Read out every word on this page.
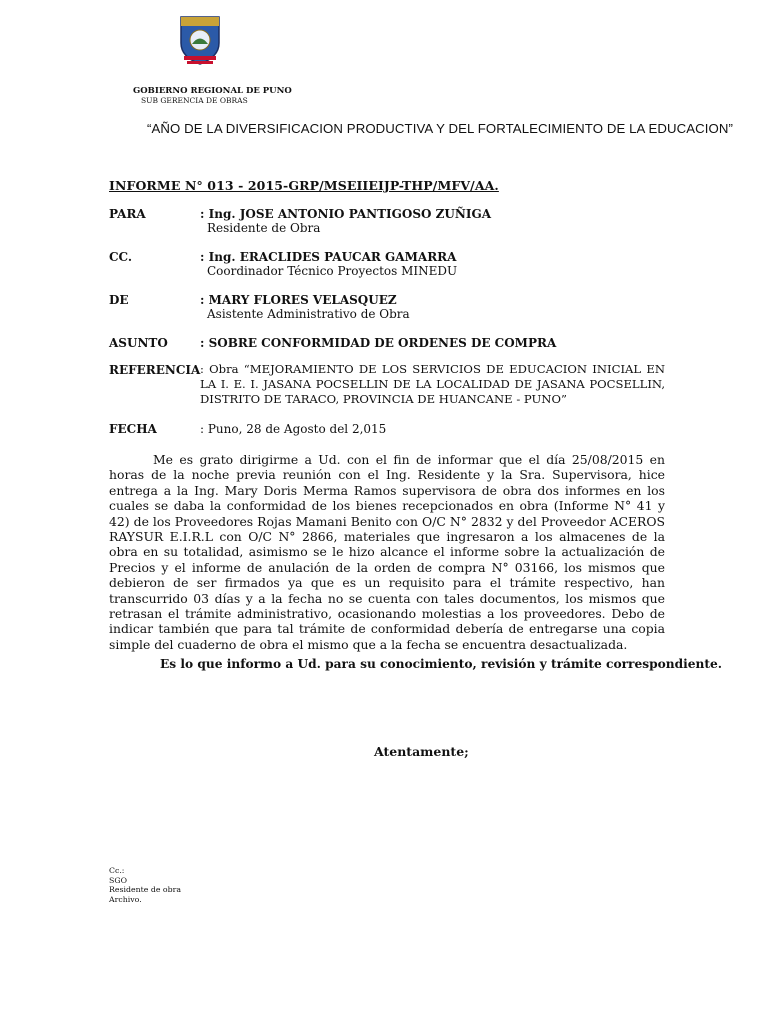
GOBIERNO REGIONAL DE PUNO
SUB GERENCIA DE OBRAS
“AÑO DE LA DIVERSIFICACION PRODUCTIVA Y DEL FORTALECIMIENTO DE LA EDUCACION”
INFORME N° 013 - 2015-GRP/MSEIIEIJP-THP/MFV/AA.
PARA	: Ing. JOSE ANTONIO PANTIGOSO ZUÑIGA
Residente de Obra
CC.	: Ing. ERACLIDES PAUCAR GAMARRA
Coordinador Técnico Proyectos MINEDU
DE	: MARY FLORES VELASQUEZ
Asistente Administrativo de Obra
ASUNTO	: SOBRE CONFORMIDAD DE ORDENES DE COMPRA
REFERENCIA : Obra “MEJORAMIENTO DE LOS SERVICIOS DE EDUCACION INICIAL EN LA I. E. I. JASANA POCSELLIN DE LA LOCALIDAD DE JASANA POCSELLIN, DISTRITO DE TARACO, PROVINCIA DE HUANCANE - PUNO”
FECHA	: Puno, 28 de Agosto del 2,015
Me es grato dirigirme a Ud. con el fin de informar que el día 25/08/2015 en horas de la noche previa reunión con el Ing. Residente y la Sra. Supervisora, hice entrega a la Ing. Mary Doris Merma Ramos supervisora de obra dos informes en los cuales se daba la conformidad de los bienes recepcionados en obra (Informe N° 41 y 42) de los Proveedores Rojas Mamani Benito con O/C N° 2832 y del Proveedor ACEROS RAYSUR E.I.R.L con O/C N° 2866, materiales que ingresaron a los almacenes de la obra en su totalidad, asimismo se le hizo alcance el informe sobre la actualización de Precios y el informe de anulación de la orden de compra N° 03166, los mismos que debieron de ser firmados ya que es un requisito para el trámite respectivo, han transcurrido 03 días y a la fecha no se cuenta con tales documentos, los mismos que retrasan el trámite administrativo, ocasionando molestias a los proveedores. Debo de indicar también que para tal trámite de conformidad debería de entregarse una copia simple del cuaderno de obra el mismo que a la fecha se encuentra desactualizada.
Es lo que informo a Ud. para su conocimiento, revisión y trámite correspondiente.
Atentamente;
Cc.:
SGO
Residente de obra
Archivo.
